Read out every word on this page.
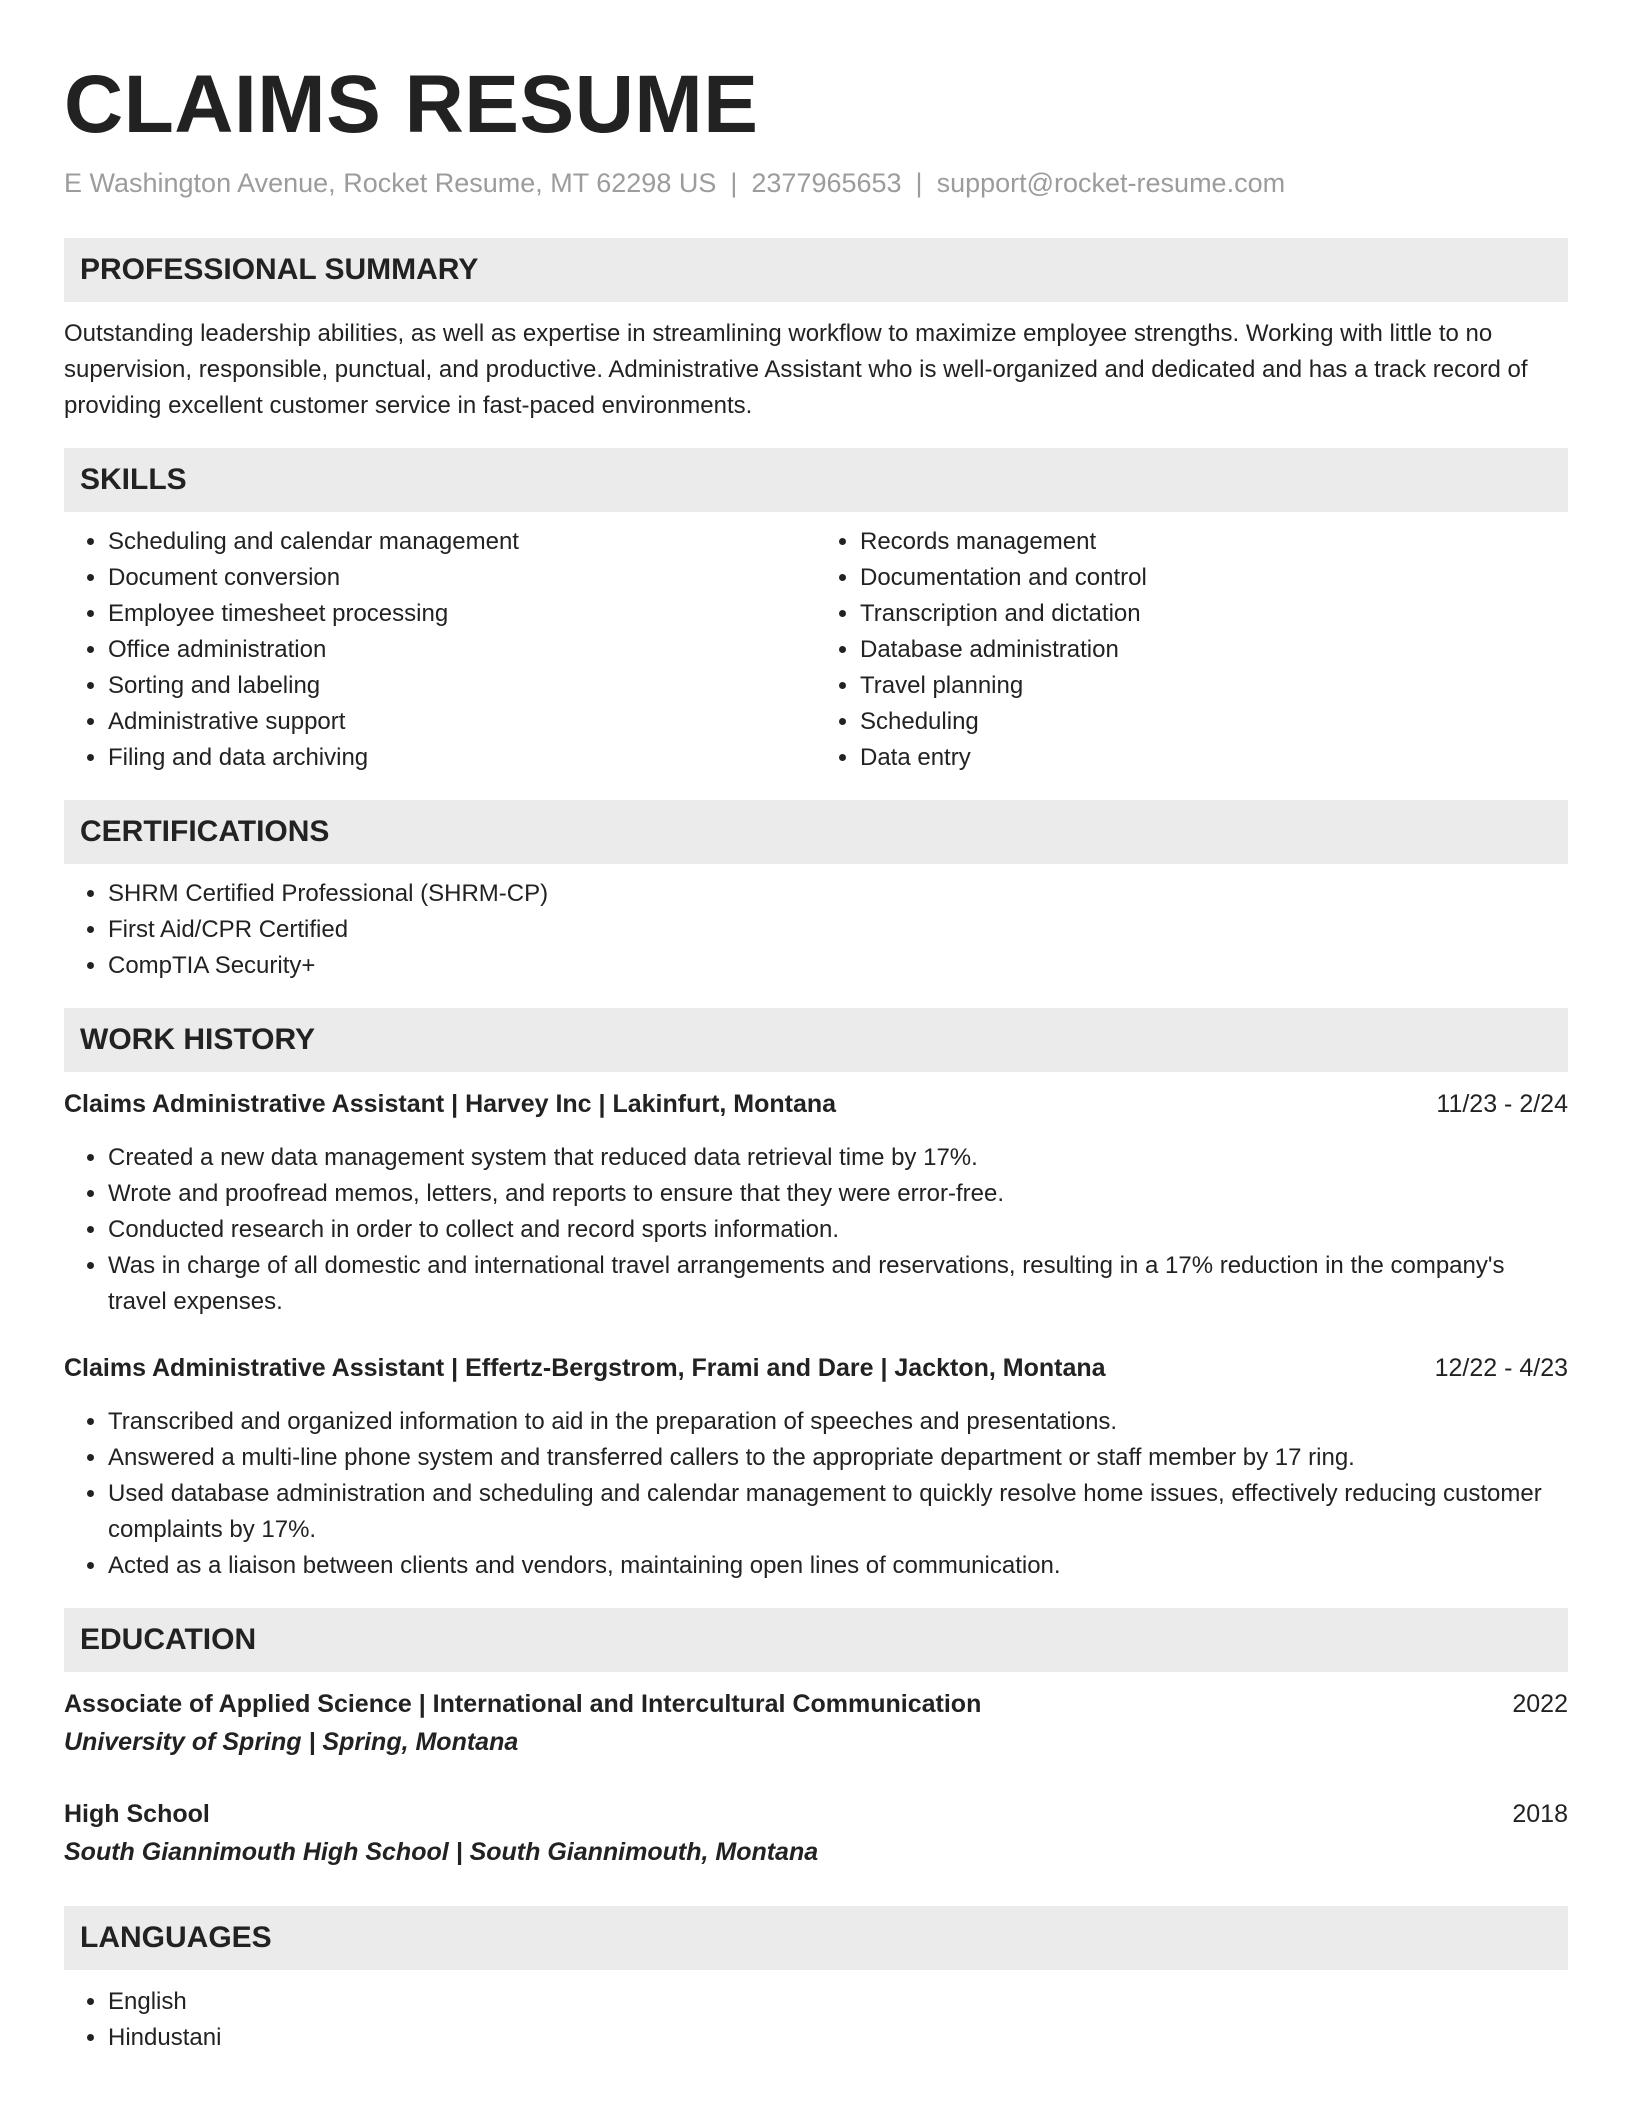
CLAIMS RESUME
E Washington Avenue, Rocket Resume, MT 62298 US | 2377965653 | support@rocket-resume.com
PROFESSIONAL SUMMARY

Outstanding leadership abilities, as well as expertise in streamlining workflow to maximize employee strengths. Working with little to no supervision, responsible, punctual, and productive. Administrative Assistant who is well-organized and dedicated and has a track record of providing excellent customer service in fast-paced environments.

SKILLS
• Scheduling and calendar management
• Document conversion
• Employee timesheet processing
• Office administration
• Sorting and labeling
• Administrative support
• Filing and data archiving
• Records management
• Documentation and control
• Transcription and dictation
• Database administration
• Travel planning
• Scheduling
• Data entry
CERTIFICATIONS
• SHRM Certified Professional (SHRM-CP)
• First Aid/CPR Certified
• CompTIA Security+
WORK HISTORY
Claims Administrative Assistant | Harvey Inc | Lakinfurt, Montana	11/23 - 2/24
• Created a new data management system that reduced data retrieval time by 17%.
• Wrote and proofread memos, letters, and reports to ensure that they were error-free.
• Conducted research in order to collect and record sports information.
• Was in charge of all domestic and international travel arrangements and reservations, resulting in a 17% reduction in the company's travel expenses.
Claims Administrative Assistant | Effertz-Bergstrom, Frami and Dare | Jackton, Montana	12/22 - 4/23
• Transcribed and organized information to aid in the preparation of speeches and presentations.
• Answered a multi-line phone system and transferred callers to the appropriate department or staff member by 17 ring.
• Used database administration and scheduling and calendar management to quickly resolve home issues, effectively reducing customer complaints by 17%.
• Acted as a liaison between clients and vendors, maintaining open lines of communication.
EDUCATION
Associate of Applied Science | International and Intercultural Communication	2022
University of Spring | Spring, Montana
High School	2018
South Giannimouth High School | South Giannimouth, Montana
LANGUAGES
• English
• Hindustani
